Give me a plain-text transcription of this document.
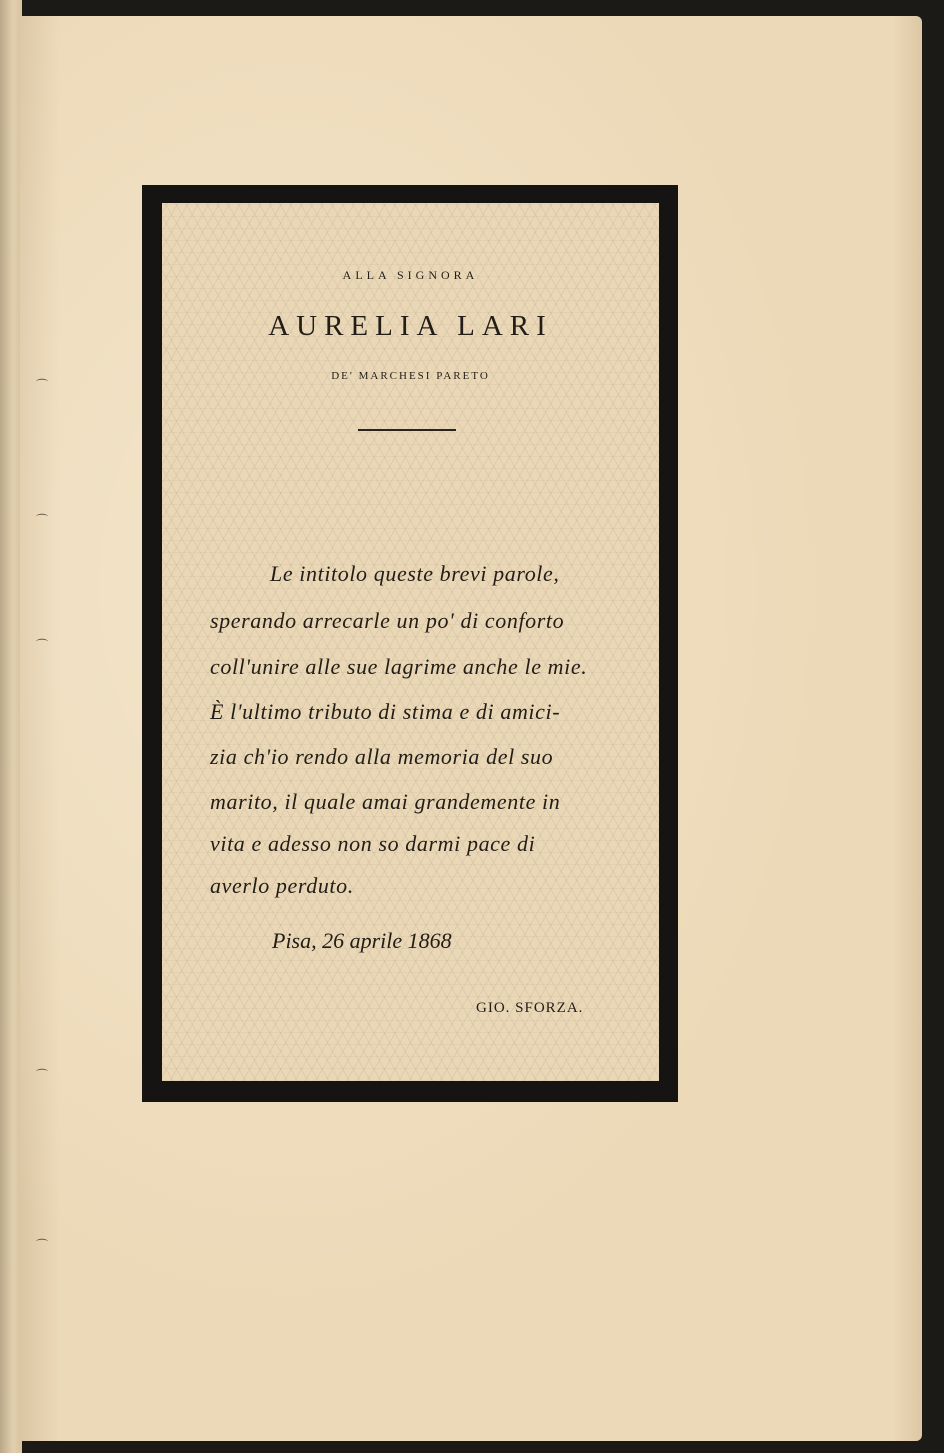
⌒
⌒
⌒
⌒
⌒
ALLA SIGNORA
AURELIA LARI
DE' MARCHESI PARETO
Le intitolo queste brevi parole,
sperando arrecarle un po' di conforto
coll'unire alle sue lagrime anche le mie.
È l'ultimo tributo di stima e di amici-
zia ch'io rendo alla memoria del suo
marito, il quale amai grandemente in
vita e adesso non so darmi pace di
averlo perduto.
Pisa, 26 aprile 1868
GIO. SFORZA.
